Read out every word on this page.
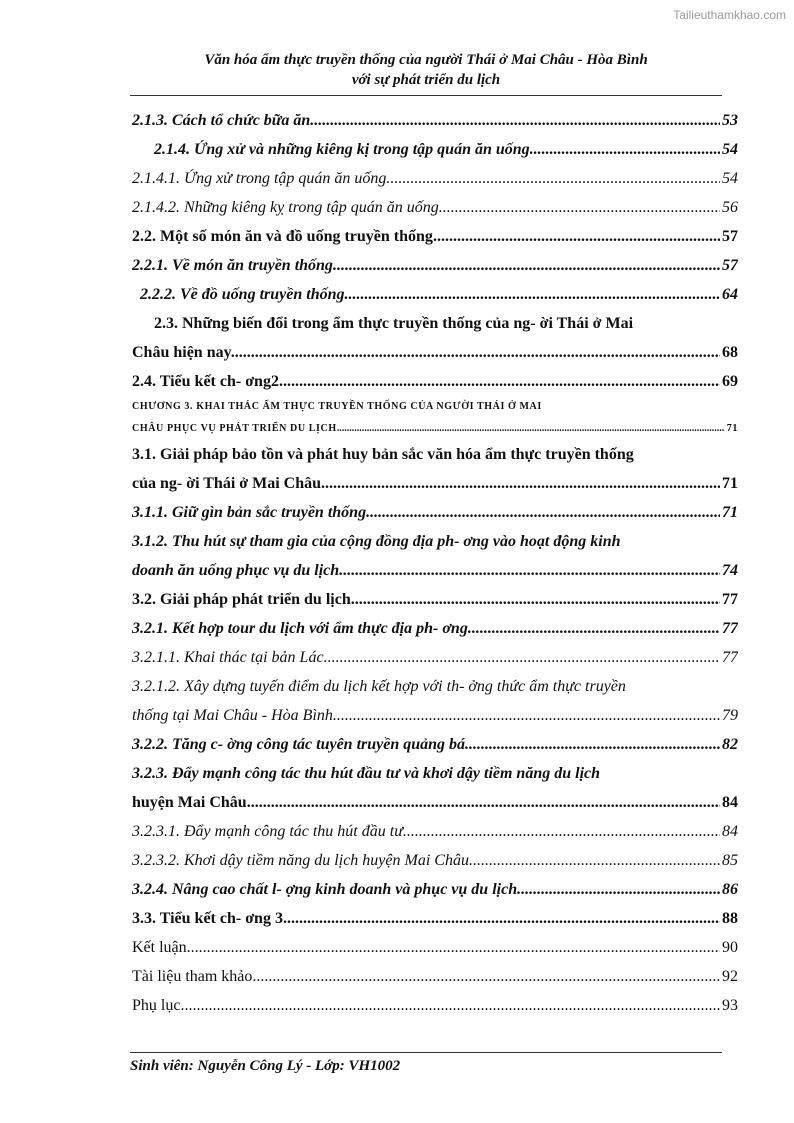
Tailieuthamkhao.com
Văn hóa ẩm thực truyền thống của người Thái ở Mai Châu - Hòa Bình
với sự phát triển du lịch
2.1.3. Cách tổ chức bữa ăn .....	53
2.1.4. Ứng xử và những kiêng kị trong tập quán ăn uống .....	54
2.1.4.1. Ứng xử trong tập quán ăn uống .....	54
2.1.4.2. Những kiêng kỵ trong tập quán ăn uống .....	56
2.2. Một số món ăn và đồ uống truyền thống .....	57
2.2.1. Về món ăn truyền thống .....	57
2.2.2. Về đồ uống truyền thống .....	64
2.3. Những biến đổi trong ẩm thực truyền thống của ng- ời Thái ở Mai
Châu hiện nay. .....	68
2.4. Tiểu kết ch- ơng2 .....	69
CHƯƠNG 3. KHAI THÁC ẨM THỰC TRUYỀN THỐNG CỦA NGƯỜI THÁI Ở MAI
CHÂU PHỤC VỤ PHÁT TRIỂN DU LỊCH .....	71
3.1. Giải pháp bảo tồn và phát huy bản sắc văn hóa ẩm thực truyền thống
của ng- ời Thái ở Mai Châu .....	71
3.1.1. Giữ gìn bản sắc truyền thống .....	71
3.1.2. Thu hút sự tham gia của cộng đồng địa ph- ơng vào hoạt động kinh
doanh ăn uống phục vụ du lịch .....	74
3.2. Giải pháp phát triển du lịch .....	77
3.2.1. Kết hợp tour du lịch với ẩm thực địa ph- ơng .....	77
3.2.1.1. Khai thác tại bản Lác .....	77
3.2.1.2. Xây dựng tuyến điểm du lịch kết hợp với th- ởng thức ẩm thực truyền
thống tại Mai Châu - Hòa Bình .....	79
3.2.2. Tăng c- ờng công tác tuyên truyền quảng bá .....	82
3.2.3. Đẩy mạnh công tác thu hút đầu tư và khơi dậy tiềm năng du lịch
huyện Mai Châu .....	84
3.2.3.1. Đẩy mạnh công tác thu hút đầu tư .....	84
3.2.3.2. Khơi dậy tiềm năng du lịch huyện Mai Châu .....	85
3.2.4. Nâng cao chất l- ợng kinh doanh và phục vụ du lịch .....	86
3.3. Tiểu kết ch- ơng 3 .....	88
Kết luận .....	90
Tài liệu tham khảo .....	92
Phụ lục .....	93
Sinh viên: Nguyễn Công Lý - Lớp: VH1002
